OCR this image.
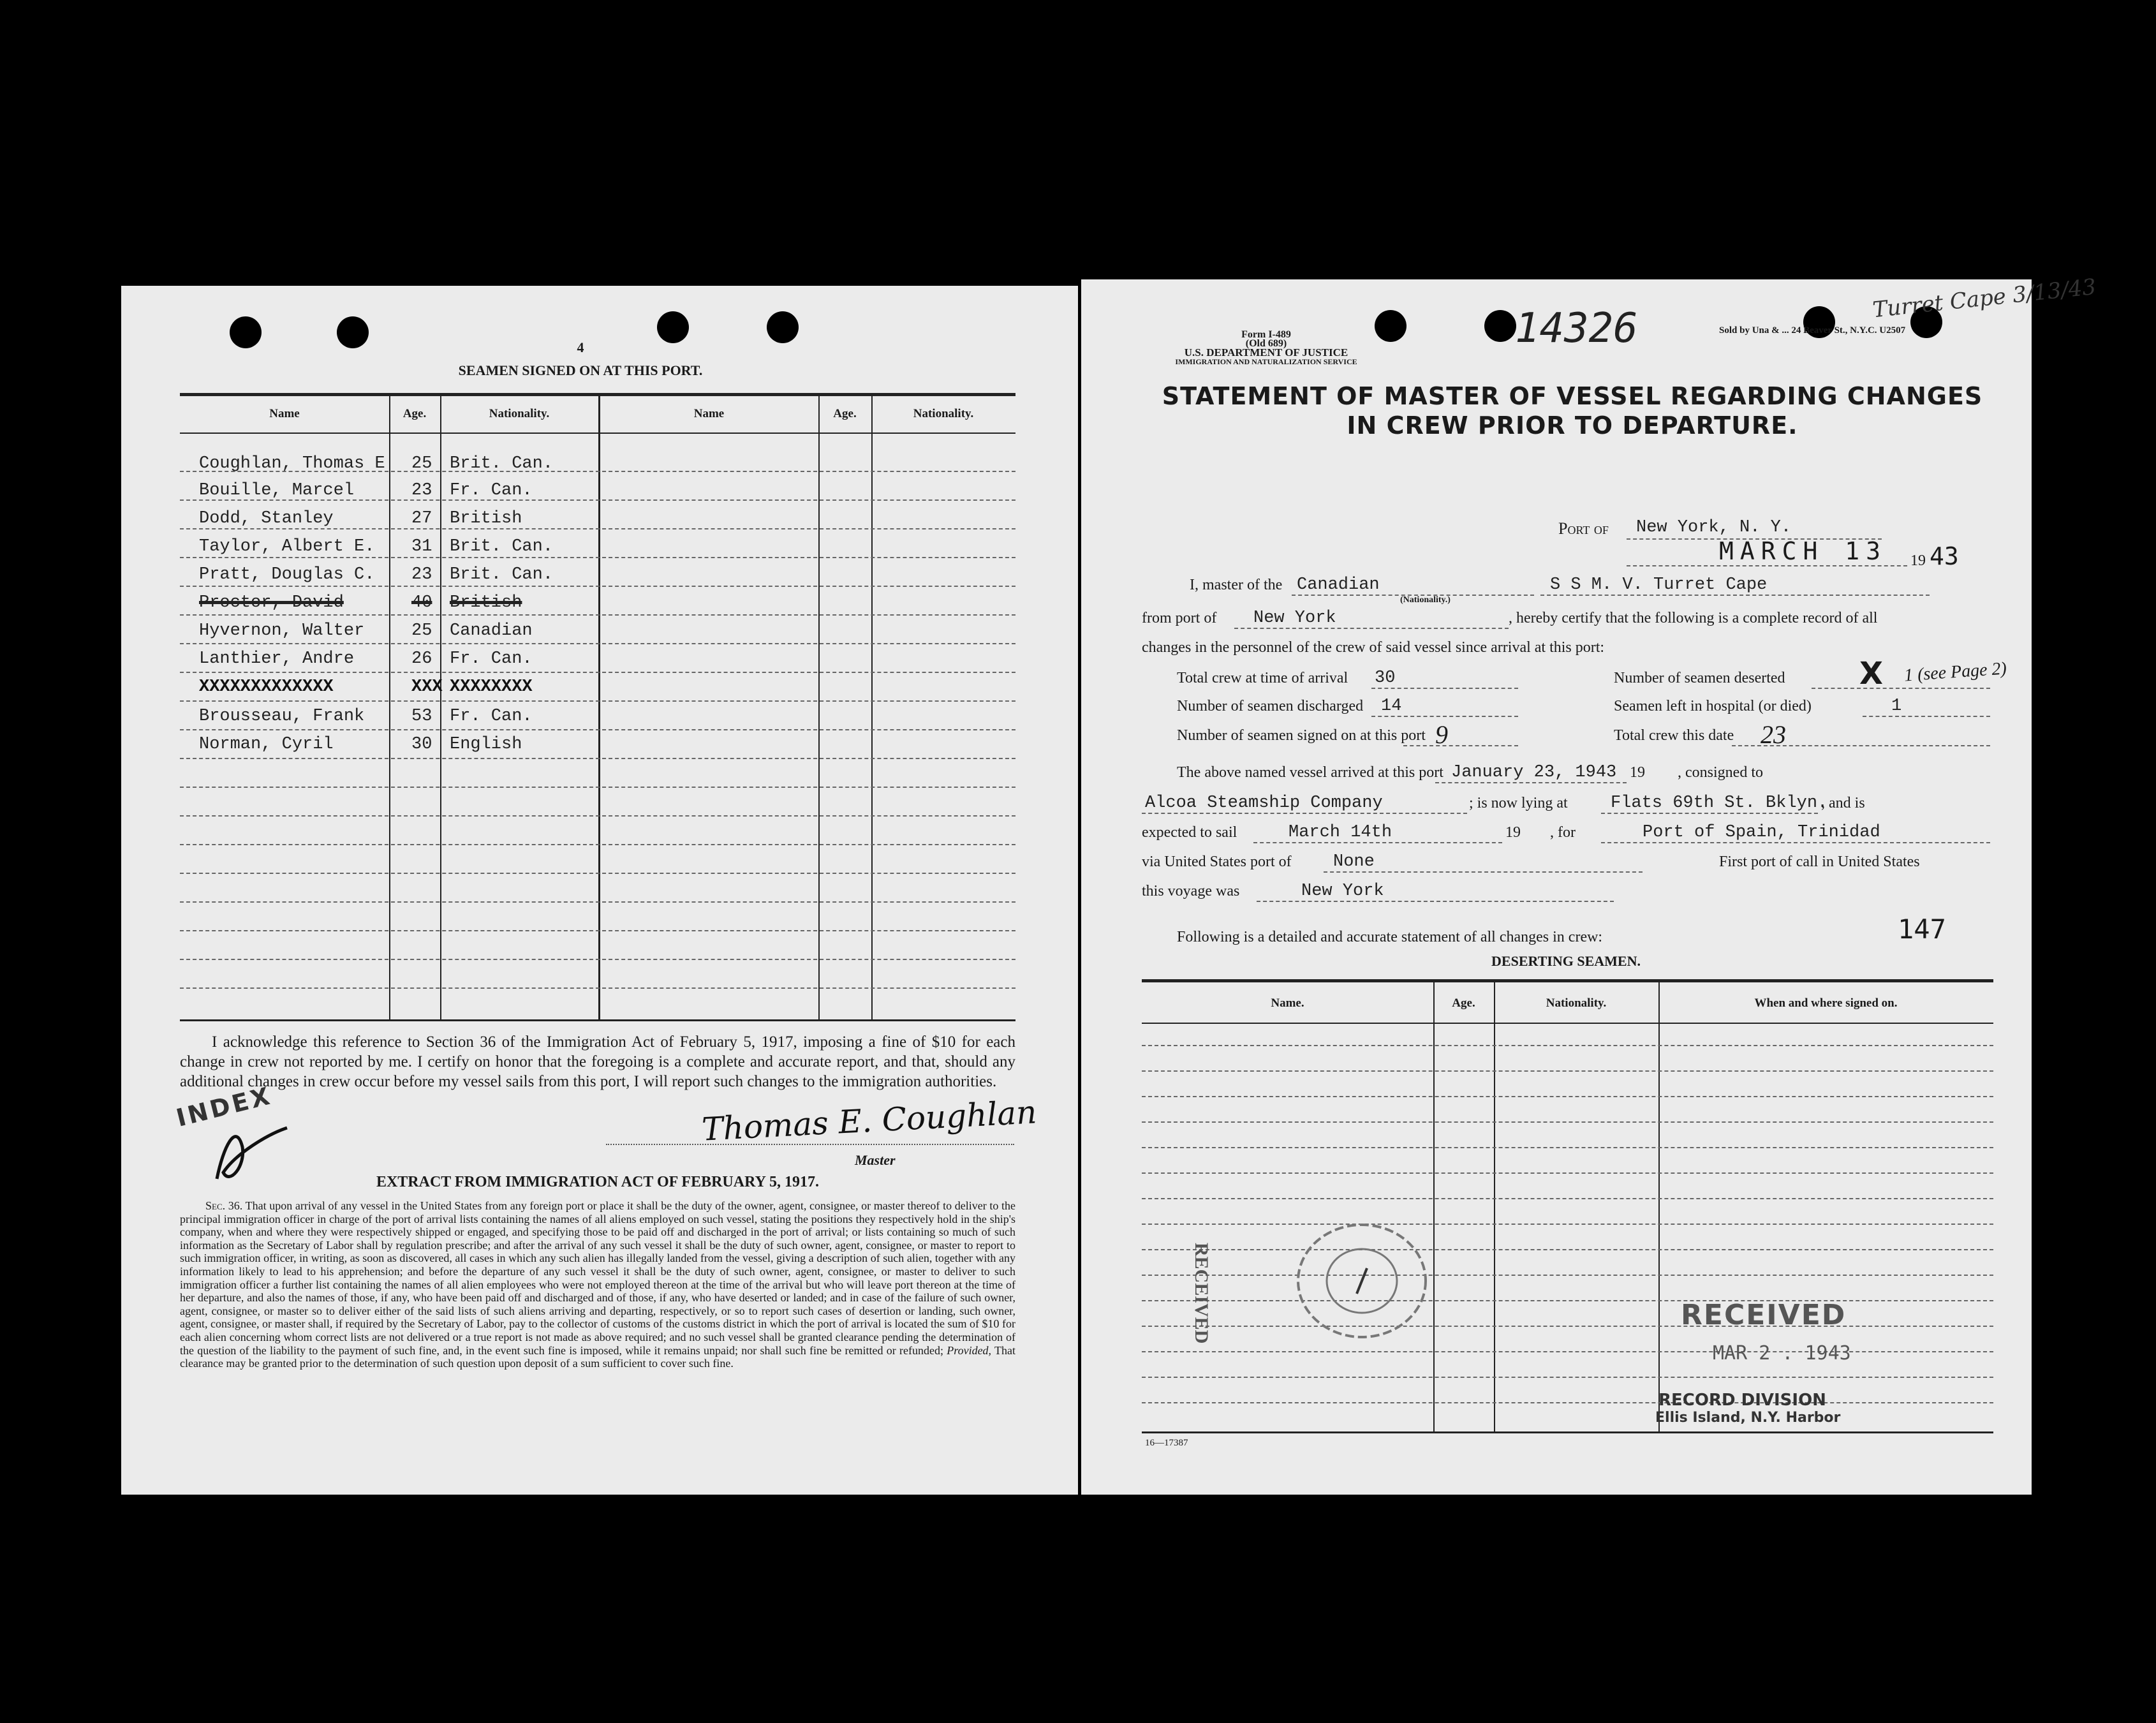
4
SEAMEN SIGNED ON AT THIS PORT.
Name	Age.	Nationality.	Name	Age.	Nationality.
Coughlan, Thomas E 25 Brit. Can.
Bouille, Marcel	23 Fr. Can.
Dodd, Stanley	27 British
Taylor, Albert E. 31 Brit. Can.
Pratt, Douglas C. 23 Brit. Can.
Proctor, David	40 British
Hyvernon, Walter	25 Canadian
Lanthier, Andre	26 Fr. Can.
XXXXXXXXXXXXX	XXX XXXXXXXX
Brousseau, Frank	53 Fr. Can.
Norman, Cyril	30 English
I acknowledge this reference to Section 36 of the Immigration Act of February 5, 1917, imposing a fine of $10 for each change in crew not reported by me. I certify on honor that the foregoing is a complete and accurate report, and that, should any additional changes in crew occur before my vessel sails from this port, I will report such changes to the immigration authorities.
Thomas E. Coughlan
Master
INDEX
EXTRACT FROM IMMIGRATION ACT OF FEBRUARY 5, 1917.
Sec. 36. That upon arrival of any vessel in the United States from any foreign port or place it shall be the duty of the owner, agent, consignee, or master thereof to deliver to the principal immigration officer in charge of the port of arrival lists containing the names of all aliens employed on such vessel, stating the positions they respectively hold in the ship's company, when and where they were respectively shipped or engaged, and specifying those to be paid off and discharged in the port of arrival; or lists containing so much of such information as the Secretary of Labor shall by regulation prescribe; and after the arrival of any such vessel it shall be the duty of such owner, agent, consignee, or master to report to such immigration officer, in writing, as soon as discovered, all cases in which any such alien has illegally landed from the vessel, giving a description of such alien, together with any information likely to lead to his apprehension; and before the departure of any such vessel it shall be the duty of such owner, agent, consignee, or master to deliver to such immigration officer a further list containing the names of all alien employees who were not employed thereon at the time of the arrival but who will leave port thereon at the time of her departure, and also the names of those, if any, who have been paid off and discharged and of those, if any, who have deserted or landed; and in case of the failure of such owner, agent, consignee, or master so to deliver either of the said lists of such aliens arriving and departing, respectively, or so to report such cases of desertion or landing, such owner, agent, consignee, or master shall, if required by the Secretary of Labor, pay to the collector of customs of the customs district in which the port of arrival is located the sum of $10 for each alien concerning whom correct lists are not delivered or a true report is not made as above required; and no such vessel shall be granted clearance pending the determination of the question of the liability to the payment of such fine, and, in the event such fine is imposed, while it remains unpaid; nor shall such fine be remitted or refunded; Provided, That clearance may be granted prior to the determination of such question upon deposit of a sum sufficient to cover such fine.
Form I-489
(Old 689)
U.S. DEPARTMENT OF JUSTICE
IMMIGRATION AND NATURALIZATION SERVICE
14326
Turret Cape 3/13/43
Sold by Una & ... 24 Beaver St., N.Y.C. U2507
STATEMENT OF MASTER OF VESSEL REGARDING CHANGES
IN CREW PRIOR TO DEPARTURE.
Port of New York, N. Y.
MARCH 13 19 43
I, master of the Canadian
(Nationality.)
S S M. V. Turret Cape
from port of New York	, hereby certify that the following is a complete record of all
changes in the personnel of the crew of said vessel since arrival at this port:
Total crew at time of arrival 30	Number of seamen deserted X 1 (see Page 2)
Number of seamen discharged 14	Seamen left in hospital (or died)	1
Number of seamen signed on at this port 9	Total crew this date 23
The above named vessel arrived at this port January 23, 1943 19 , consigned to
Alcoa Steamship Company	; is now lying at Flats 69th St. Bklyn.
, and is
expected to sail	March 14th	19 , for	Port of Spain, Trinidad
via United States port of None	First port of call in United States
this voyage was	New York
Following is a detailed and accurate statement of all changes in crew:	147
DESERTING SEAMEN.
Name.	Age.	Nationality.	When and where signed on.
RECEIVED	RECEIVED
MAR 2 . 1943
RECORD DIVISION
Ellis Island, N.Y. Harbor
16—17387
